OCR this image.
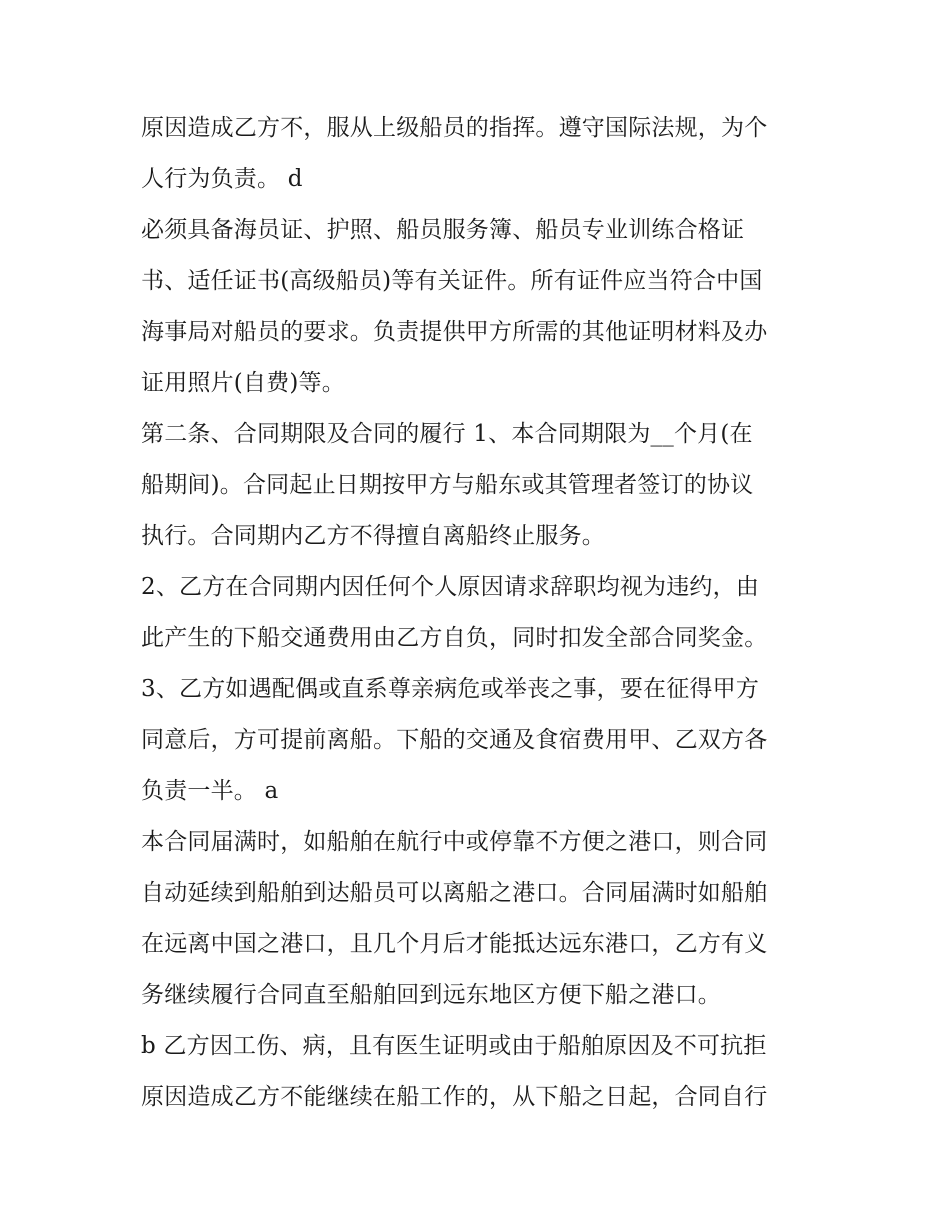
原因造成乙方不，服从上级船员的指挥。遵守国际法规，为个
人行为负责。 d
必须具备海员证、护照、船员服务簿、船员专业训练合格证
书、适任证书(高级船员)等有关证件。所有证件应当符合中国
海事局对船员的要求。负责提供甲方所需的其他证明材料及办
证用照片(自费)等。
第二条、合同期限及合同的履行 1、本合同期限为__个月(在
船期间)。合同起止日期按甲方与船东或其管理者签订的协议
执行。合同期内乙方不得擅自离船终止服务。
2、乙方在合同期内因任何个人原因请求辞职均视为违约，由
此产生的下船交通费用由乙方自负，同时扣发全部合同奖金。
3、乙方如遇配偶或直系尊亲病危或举丧之事，要在征得甲方
同意后，方可提前离船。下船的交通及食宿费用甲、乙双方各
负责一半。 a
本合同届满时，如船舶在航行中或停靠不方便之港口，则合同
自动延续到船舶到达船员可以离船之港口。合同届满时如船舶
在远离中国之港口，且几个月后才能抵达远东港口，乙方有义
务继续履行合同直至船舶回到远东地区方便下船之港口。
b 乙方因工伤、病，且有医生证明或由于船舶原因及不可抗拒
原因造成乙方不能继续在船工作的，从下船之日起，合同自行
